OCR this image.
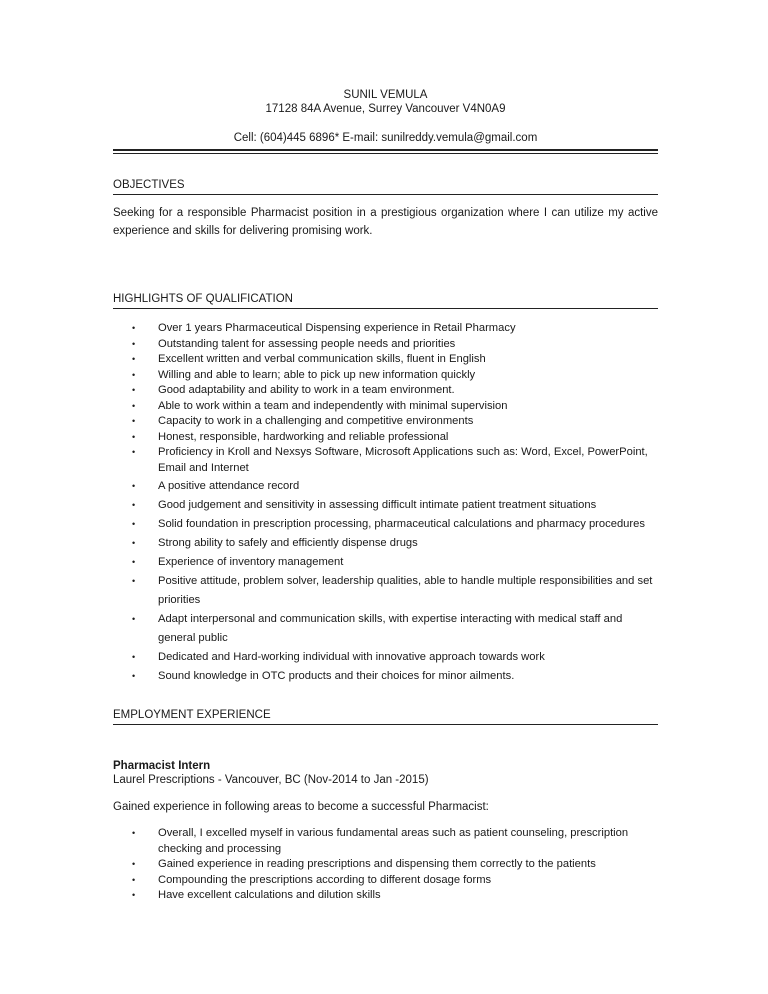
SUNIL VEMULA
17128 84A Avenue, Surrey Vancouver V4N0A9
Cell: (604)445 6896* E-mail: sunilreddy.vemula@gmail.com
OBJECTIVES
Seeking for a responsible Pharmacist position in a prestigious organization where I can utilize my active experience and skills for delivering promising work.
HIGHLIGHTS OF QUALIFICATION
• Over 1 years Pharmaceutical Dispensing experience in Retail Pharmacy
• Outstanding talent for assessing people needs and priorities
• Excellent written and verbal communication skills, fluent in English
• Willing and able to learn; able to pick up new information quickly
• Good adaptability and ability to work in a team environment.
• Able to work within a team and independently with minimal supervision
• Capacity to work in a challenging and competitive environments
• Honest, responsible, hardworking and reliable professional
• Proficiency in Kroll and Nexsys Software, Microsoft Applications such as: Word, Excel, PowerPoint, Email and Internet
• A positive attendance record
• Good judgement and sensitivity in assessing difficult intimate patient treatment situations
• Solid foundation in prescription processing, pharmaceutical calculations and pharmacy procedures
• Strong ability to safely and efficiently dispense drugs
• Experience of inventory management
• Positive attitude, problem solver, leadership qualities, able to handle multiple responsibilities and set priorities
• Adapt interpersonal and communication skills, with expertise interacting with medical staff and general public
• Dedicated and Hard-working individual with innovative approach towards work
• Sound knowledge in OTC products and their choices for minor ailments.
EMPLOYMENT EXPERIENCE
Pharmacist Intern
Laurel Prescriptions - Vancouver, BC (Nov-2014 to Jan -2015)
Gained experience in following areas to become a successful Pharmacist:
• Overall, I excelled myself in various fundamental areas such as patient counseling, prescription checking and processing
• Gained experience in reading prescriptions and dispensing them correctly to the patients
• Compounding the prescriptions according to different dosage forms
• Have excellent calculations and dilution skills
